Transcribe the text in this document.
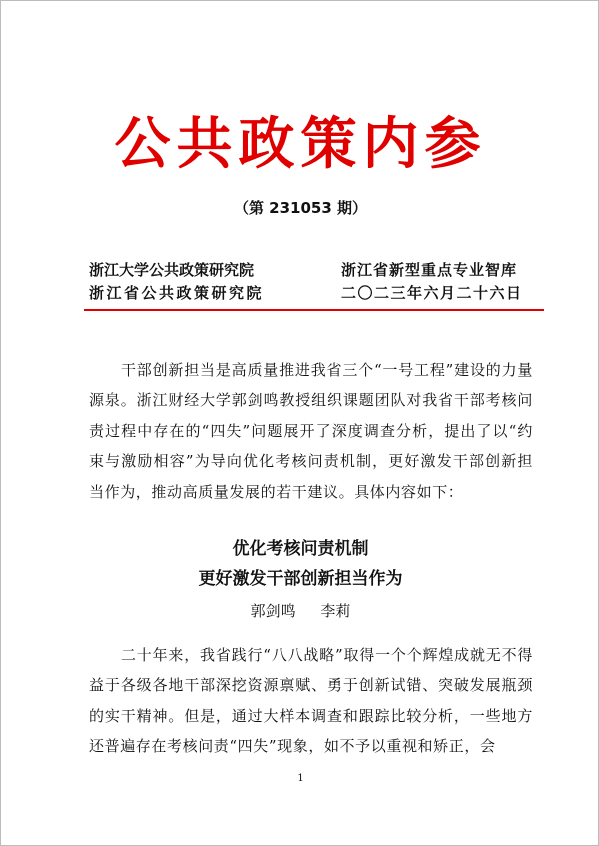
公共政策内参
（第 231053 期）
浙江大学公共政策研究院
浙江省公共政策研究院
浙江省新型重点专业智库
二〇二三年六月二十六日
干部创新担当是高质量推进我省三个“一号工程”建设的力量源泉。浙江财经大学郭剑鸣教授组织课题团队对我省干部考核问责过程中存在的“四失”问题展开了深度调查分析，提出了以“约束与激励相容”为导向优化考核问责机制，更好激发干部创新担当作为，推动高质量发展的若干建议。具体内容如下：
优化考核问责机制
更好激发干部创新担当作为
郭剑鸣 李莉
二十年来，我省践行“八八战略”取得一个个辉煌成就无不得益于各级各地干部深挖资源禀赋、勇于创新试错、突破发展瓶颈的实干精神。但是，通过大样本调查和跟踪比较分析，一些地方还普遍存在考核问责“四失”现象，如不予以重视和矫正，会
1
